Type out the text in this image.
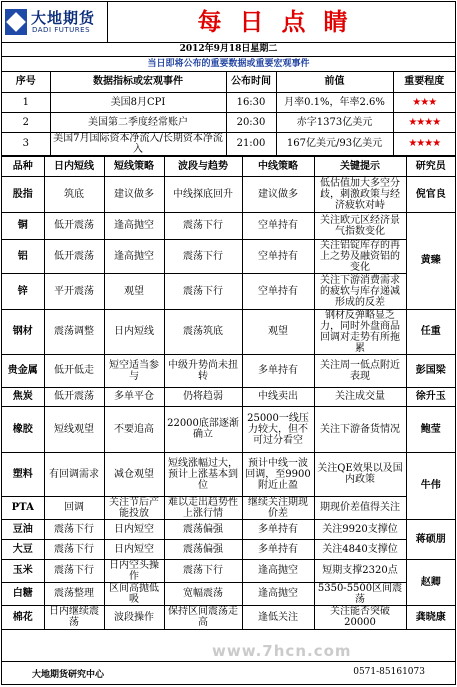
大地期货
DADI FUTURES	每日点睛
2012年9月18日星期二
当日即将公布的重要数据或重要宏观事件
序号	数据指标或宏观事件	公布时间	前值	重要程度
1	美国8月CPI	16:30	月率0.1%，年率2.6%	★★★
2	美国第二季度经常账户	20:30	赤字1373亿美元	★★★★
3	美国7月国际资本净流入/长期资本净流入	21:00	167亿美元/93亿美元	★★★★
品种	日内短线	短线策略	波段与趋势	中线策略	关键提示	研究员
股指	筑底	建议做多	中线探底回升	建议做多	低估值加大多空分歧，刺激政策与经济疲软对峙	倪官良
铜	低开震荡	逢高抛空	震荡下行	空单持有	关注欧元区经济景气指数变化	黄臻
铝	低开震荡	逢高抛空	震荡下行	空单持有	关注铝锭库存的再上之势及融资铝的变化	
锌	平开震荡	观望	震荡下行	空单持有	关注下游消费需求的疲软与库存递减形成的反差	
钢材	震荡调整	日内短线	震荡筑底	观望	钢材反弹略显乏力，同时外盘商品回调对走势有所拖累	任重
贵金属	低开低走	短空适当参与	中级升势尚未扭转	多单持有	关注周一低点附近表现	彭国梁
焦炭	低开震荡	多单平仓	仍将趋弱	中线卖出	关注成交量	徐升玉
橡胶	短线观望	不要追高	22000底部逐渐确立	25000一线压力较大，但不可过分看空	关注下游备货情况	鲍莹
塑料	有回调需求	减仓观望	短线涨幅过大，预计上涨基本到位	预计中线一波回调，至9900附近止盈	关注QE效果以及国内政策	牛伟
PTA	回调	关注节后产能投放	难以走出趋势性上涨行情	继续关注期现价差	期现价差值得关注	
豆油	震荡下行	日内短空	震荡偏强	多单持有	关注9920支撑位	蒋硕朋
大豆	震荡下行	日内短空	震荡偏强	多单持有	关注4840支撑位	
玉米	震荡下行	日内空头操作	震荡下行	逢高抛空	短期支撑2320点	赵卿
白糖	震荡整理	区间高抛低吸	宽幅震荡	逢高抛空	5350-5500区间震荡	
棉花	日内继续震荡	波段操作	保持区间震荡走高	逢低关注	关注能否突破20000	龚晓康
大地期货研究中心	0571-85161073
www.7hcn.com
